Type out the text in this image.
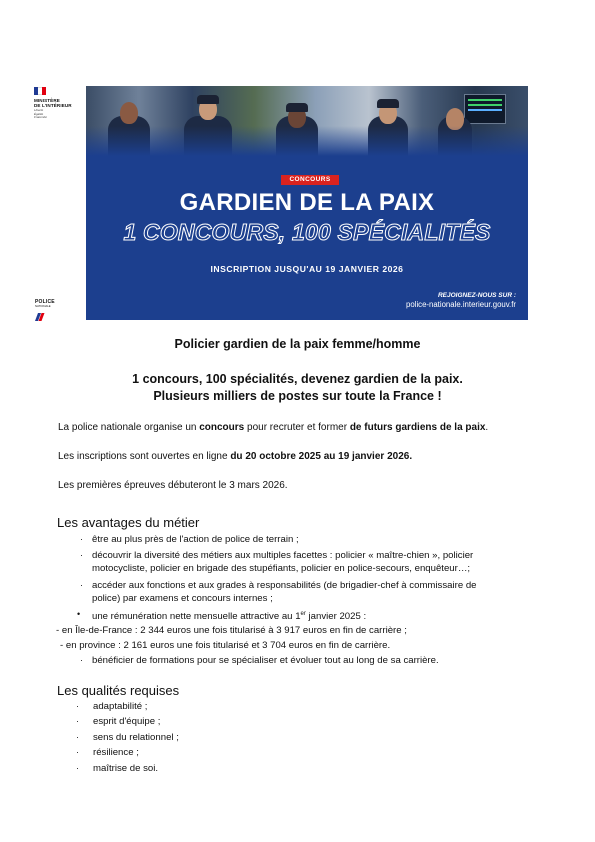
MINISTÈRE
DE L'INTÉRIEUR
Liberté
Égalité
Fraternité
CONCOURS
GARDIEN DE LA PAIX
1 CONCOURS, 100 SPÉCIALITÉS
INSCRIPTION JUSQU'AU 19 JANVIER 2026
REJOIGNEZ-NOUS SUR :
police-nationale.interieur.gouv.fr
POLICE
NATIONALE
Policier gardien de la paix femme/homme
1 concours, 100 spécialités, devenez gardien de la paix.
Plusieurs milliers de postes sur toute la France !
La police nationale organise un concours pour recruter et former de futurs gardiens de la paix.
Les inscriptions sont ouvertes en ligne du 20 octobre 2025 au 19 janvier 2026.
Les premières épreuves débuteront le 3 mars 2026.
Les avantages du métier
· être au plus près de l'action de police de terrain ;
· découvrir la diversité des métiers aux multiples facettes : policier « maître-chien », policier
motocycliste, policier en brigade des stupéfiants, policier en police-secours, enquêteur…;
· accéder aux fonctions et aux grades à responsabilités (de brigadier-chef à commissaire de
police) par examens et concours internes ;
• une rémunération nette mensuelle attractive au 1er janvier 2025 :
- en Île-de-France : 2 344 euros une fois titularisé à 3 917 euros en fin de carrière ;
- en province : 2 161 euros une fois titularisé et 3 704 euros en fin de carrière.
· bénéficier de formations pour se spécialiser et évoluer tout au long de sa carrière.
Les qualités requises
· adaptabilité ;
· esprit d'équipe ;
· sens du relationnel ;
· résilience ;
· maîtrise de soi.
